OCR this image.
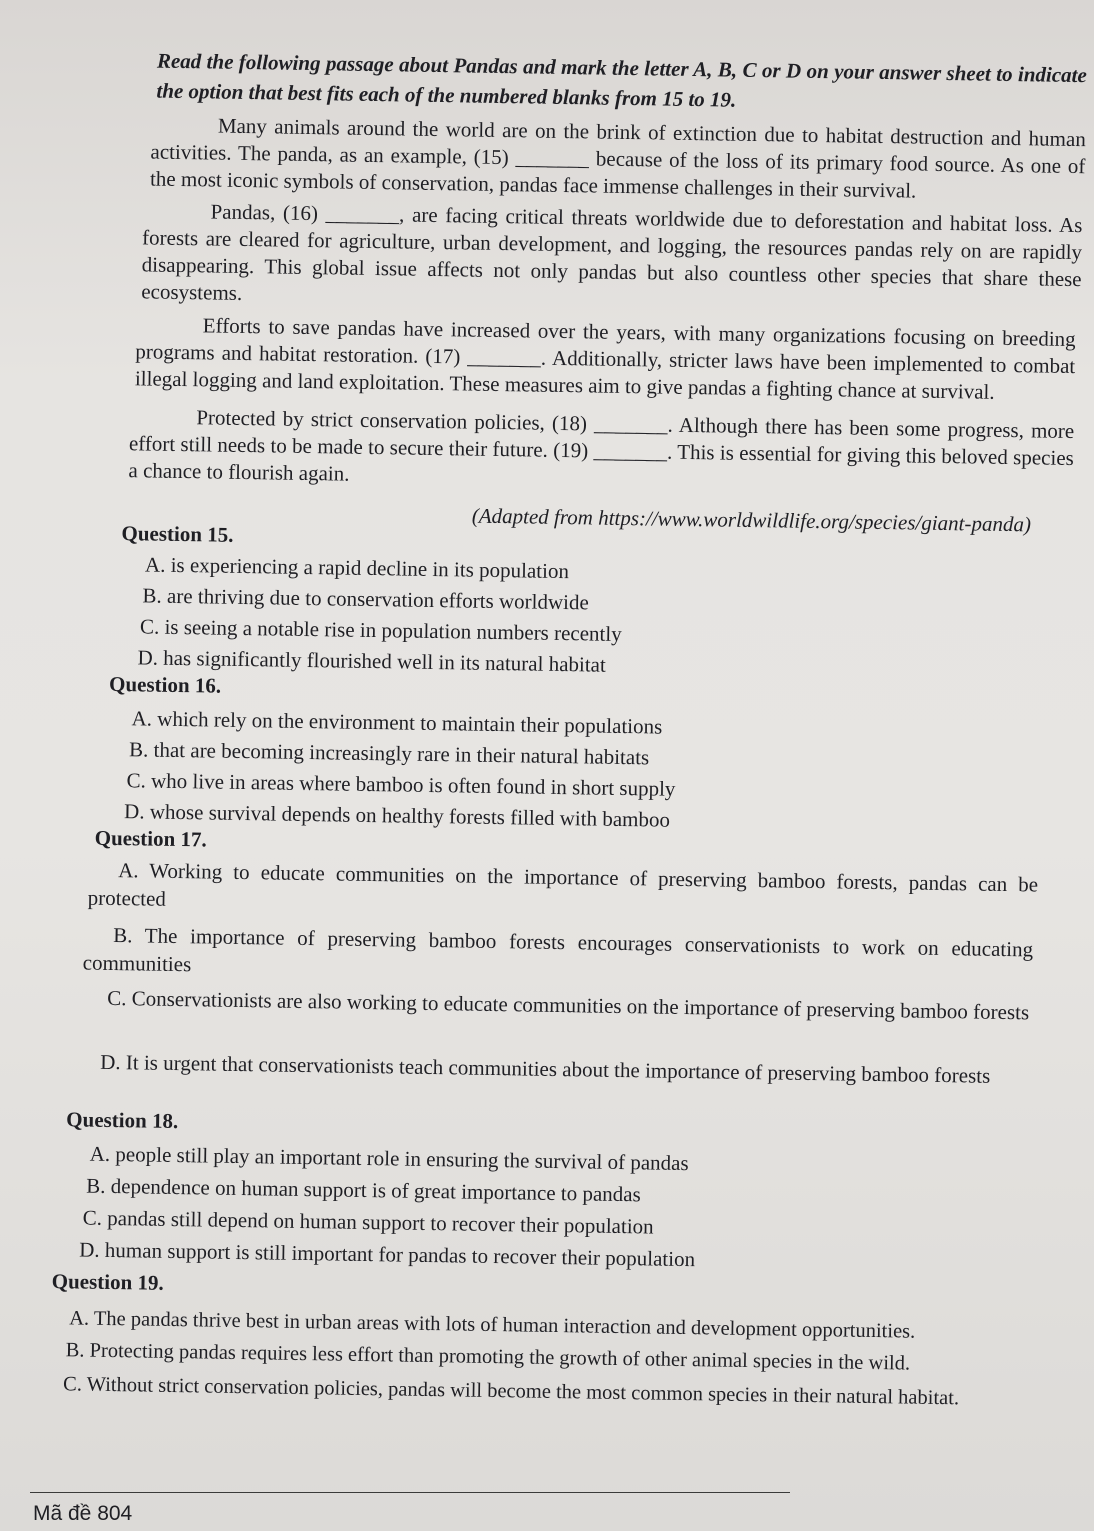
Read the following passage about Pandas and mark the letter A, B, C or D on your answer sheet to indicate the option that best fits each of the numbered blanks from 15 to 19.
Many animals around the world are on the brink of extinction due to habitat destruction and human activities. The panda, as an example, (15) _______ because of the loss of its primary food source. As one of the most iconic symbols of conservation, pandas face immense challenges in their survival.
Pandas, (16) _______, are facing critical threats worldwide due to deforestation and habitat loss. As forests are cleared for agriculture, urban development, and logging, the resources pandas rely on are rapidly disappearing. This global issue affects not only pandas but also countless other species that share these ecosystems.
Efforts to save pandas have increased over the years, with many organizations focusing on breeding programs and habitat restoration. (17) _______. Additionally, stricter laws have been implemented to combat illegal logging and land exploitation. These measures aim to give pandas a fighting chance at survival.
Protected by strict conservation policies, (18) _______. Although there has been some progress, more effort still needs to be made to secure their future. (19) _______. This is essential for giving this beloved species a chance to flourish again.
(Adapted from https://www.worldwildlife.org/species/giant-panda)
Question 15.
A. is experiencing a rapid decline in its population
B. are thriving due to conservation efforts worldwide
C. is seeing a notable rise in population numbers recently
D. has significantly flourished well in its natural habitat
Question 16.
A. which rely on the environment to maintain their populations
B. that are becoming increasingly rare in their natural habitats
C. who live in areas where bamboo is often found in short supply
D. whose survival depends on healthy forests filled with bamboo
Question 17.
A. Working to educate communities on the importance of preserving bamboo forests, pandas can be protected
B. The importance of preserving bamboo forests encourages conservationists to work on educating communities
C. Conservationists are also working to educate communities on the importance of preserving bamboo forests
D. It is urgent that conservationists teach communities about the importance of preserving bamboo forests
Question 18.
A. people still play an important role in ensuring the survival of pandas
B. dependence on human support is of great importance to pandas
C. pandas still depend on human support to recover their population
D. human support is still important for pandas to recover their population
Question 19.
A. The pandas thrive best in urban areas with lots of human interaction and development opportunities.
B. Protecting pandas requires less effort than promoting the growth of other animal species in the wild.
C. Without strict conservation policies, pandas will become the most common species in their natural habitat.
Mã đề 804
